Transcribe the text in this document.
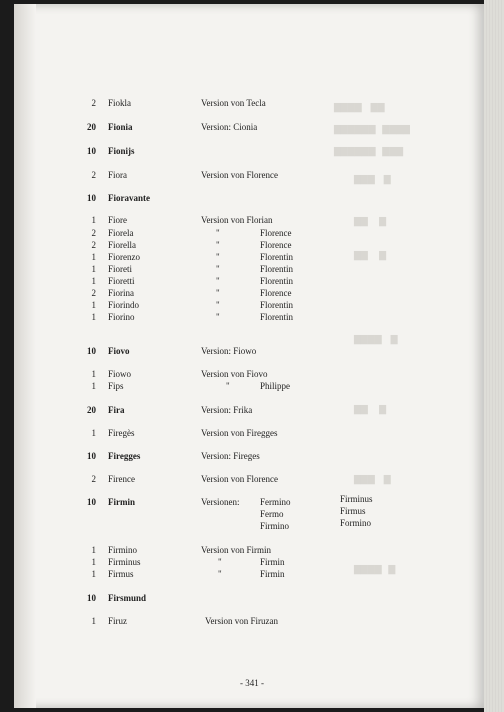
▇▇▇▇    ▇▇
▇▇▇▇▇▇   ▇▇▇▇
▇▇▇▇▇▇   ▇▇▇
▇▇▇    ▇
▇▇     ▇
▇▇     ▇
▇▇▇▇    ▇
▇▇     ▇
▇▇▇    ▇
▇▇▇▇   ▇
2 Fiokla	Version von Tecla
20 Fionia	Version: Cionia
10 Fionijs
2 Fiora	Version von Florence
10 Fioravante
1 Fiore	Version von Florian
2 Fiorela	"	Florence
2 Fiorella	"	Florence
1 Fiorenzo	"	Florentin
1 Fioreti	"	Florentin
1 Fioretti	"	Florentin
2 Fiorina	"	Florence
1 Fiorindo	"	Florentin
1 Fiorino	"	Florentin
10 Fiovo	Version: Fiowo
1 Fiowo	Version von Fiovo
1 Fips	"	Philippe
20 Fira	Version: Frika
1 Firegès	Version von Firegges
10 Firegges	Version: Fireges
2 Firence	Version von Florence
10 Firmin	Versionen: Fermino	Firminus
Fermo	Firmus
Firmino	Formino
1 Firmino	Version von Firmin
1 Firminus	"	Firmin
1 Firmus	"	Firmin
10 Firsmund
1 Firuz	Version von Firuzan
- 341 -
